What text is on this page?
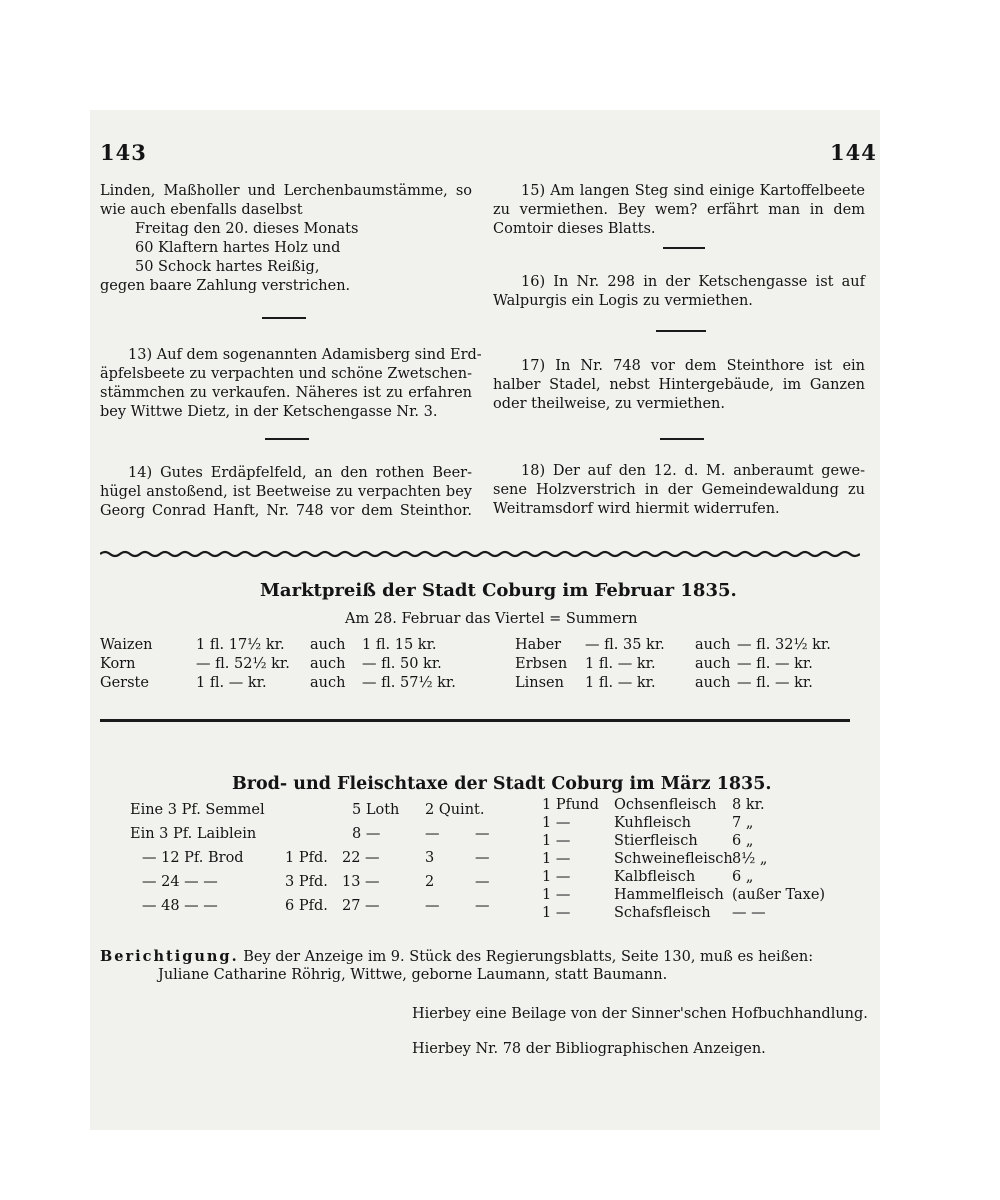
143	144
Linden, Maßholler und Lerchenbaumstämme, so
wie auch ebenfalls daselbst
Freitag den 20. dieses Monats
60 Klaftern hartes Holz und
50 Schock hartes Reißig,
gegen baare Zahlung verstrichen.
13) Auf dem sogenannten Adamisberg sind Erd-
äpfelsbeete zu verpachten und schöne Zwetschen-
stämmchen zu verkaufen. Näheres ist zu erfahren
bey Wittwe Dietz, in der Ketschengasse Nr. 3.
14) Gutes Erdäpfelfeld, an den rothen Beer-
hügel anstoßend, ist Beetweise zu verpachten bey
Georg Conrad Hanft, Nr. 748 vor dem Steinthor.
15) Am langen Steg sind einige Kartoffelbeete
zu vermiethen. Bey wem? erfährt man in dem
Comtoir dieses Blatts.
16) In Nr. 298 in der Ketschengasse ist auf
Walpurgis ein Logis zu vermiethen.
17) In Nr. 748 vor dem Steinthore ist ein
halber Stadel, nebst Hintergebäude, im Ganzen
oder theilweise, zu vermiethen.
18) Der auf den 12. d. M. anberaumt gewe-
sene Holzverstrich in der Gemeindewaldung zu
Weitramsdorf wird hiermit widerrufen.
Marktpreiß der Stadt Coburg im Februar 1835.
Am 28. Februar das Viertel = Summern
Waizen	1 fl. 17½ kr. auch 1 fl. 15 kr.
Korn	— fl. 52½ kr. auch — fl. 50 kr.
Gerste	1 fl. — kr.	auch — fl. 57½ kr.
Haber — fl. 35 kr. auch — fl. 32½ kr.
Erbsen 1 fl. — kr.	auch — fl. — kr.
Linsen 1 fl. — kr.	auch — fl. — kr.
Brod- und Fleischtaxe der Stadt Coburg im März 1835.
Eine 3 Pf. Semmel	5 Loth 2 Quint.
Ein 3 Pf. Laiblein	8 —	— —
— 12 Pf. Brod	1 Pfd. 22 —	3	—
— 24 — —	3 Pfd. 13 —	2	—
— 48 — —	6 Pfd. 27 —	— —
1 Pfund Ochsenfleisch 8 kr.
1 —	Kuhfleisch	7 „
1 —	Stierfleisch 6 „
1 —	Schweinefleisch 8½ „
1 —	Kalbfleisch	6 „
1 —	Hammelfleisch (außer Taxe)
1 —	Schafsfleisch — —
Berichtigung. Bey der Anzeige im 9. Stück des Regierungsblatts, Seite 130, muß es heißen:
Juliane Catharine Röhrig, Wittwe, geborne Laumann, statt Baumann.
Hierbey eine Beilage von der Sinner'schen Hofbuchhandlung.
Hierbey Nr. 78 der Bibliographischen Anzeigen.
